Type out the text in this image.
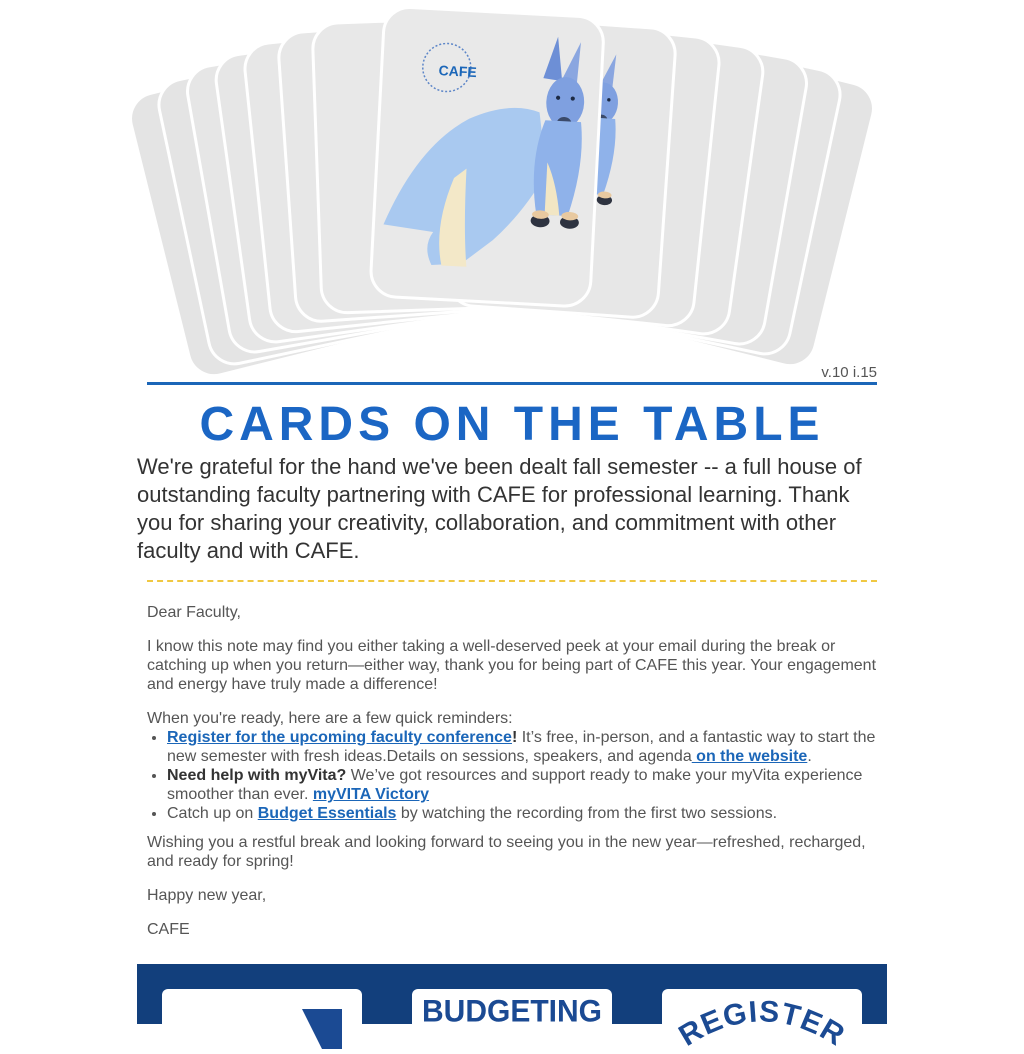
CAFE
v.10 i.15
CARDS ON THE TABLE
We're grateful for the hand we've been dealt fall semester -- a full house of outstanding faculty partnering with CAFE for professional learning. Thank you for sharing your creativity, collaboration, and commitment with other faculty and with CAFE.

Dear Faculty,

I know this note may find you either taking a well-deserved peek at your email during the break or catching up when you return—either way, thank you for being part of CAFE this year. Your engagement and energy have truly made a difference!

When you're ready, here are a few quick reminders:
• Register for the upcoming faculty conference! It’s free, in-person, and a fantastic way to start the new semester with fresh ideas.Details on sessions, speakers, and agenda on the website.
• Need help with myVita? We’ve got resources and support ready to make your myVita experience smoother than ever. myVITA Victory
• Catch up on Budget Essentials by watching the recording from the first two sessions.

Wishing you a restful break and looking forward to seeing you in the new year—refreshed, recharged, and ready for spring!

Happy new year,

CAFE

BUDGETING
REGISTER
